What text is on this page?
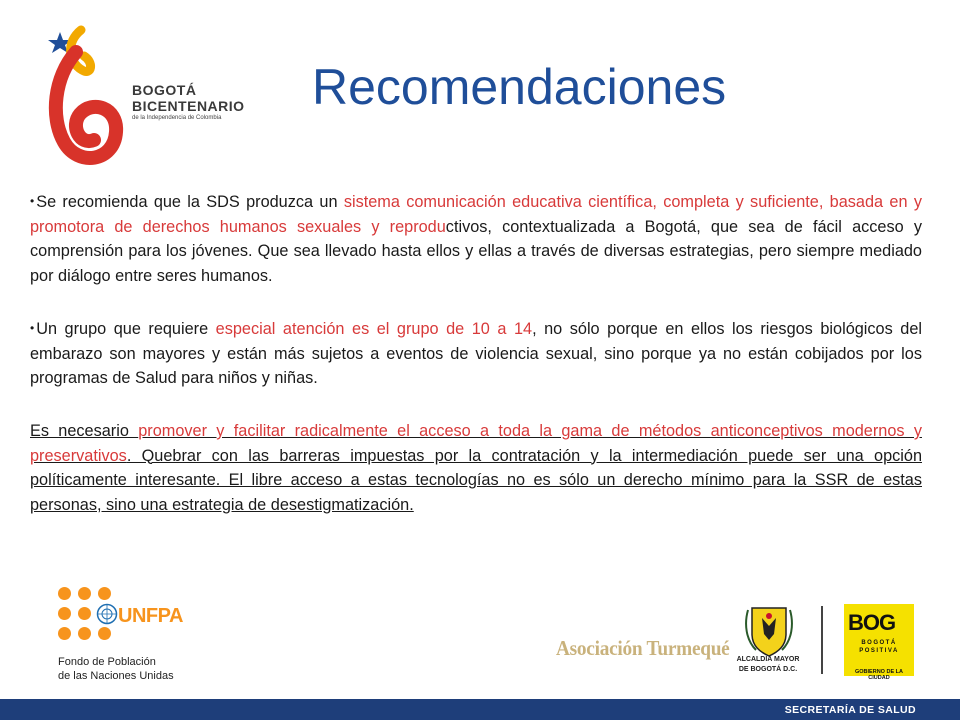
BOGOTÁ
BICENTENARIO
de la Independencia de Colombia
Recomendaciones
• Se recomienda que la SDS produzca un sistema comunicación educativa científica, completa y suficiente, basada en y promotora de derechos humanos sexuales y reproductivos, contextualizada a Bogotá, que sea de fácil acceso y comprensión para los jóvenes. Que sea llevado hasta ellos y ellas a través de diversas estrategias, pero siempre mediado por diálogo entre seres humanos.
• Un grupo que requiere especial atención es el grupo de 10 a 14, no sólo porque en ellos los riesgos biológicos del embarazo son mayores y están más sujetos a eventos de violencia sexual, sino porque ya no están cobijados por los programas de Salud para niños y niñas.
Es necesario promover y facilitar radicalmente el acceso a toda la gama de métodos anticonceptivos modernos y preservativos. Quebrar con las barreras impuestas por la contratación y la intermediación puede ser una opción políticamente interesante. El libre acceso a estas tecnologías no es sólo un derecho mínimo para la SSR de estas personas, sino una estrategia de desestigmatización.
UNFPA
Fondo de Población
de las Naciones Unidas
Asociación Turmequé	ALCALDÍA MAYOR
DE BOGOTÁ D.C.
BOG
BOGOTÁ
POSITIVA
GOBIERNO DE LA CIUDAD
SECRETARÍA DE SALUD
